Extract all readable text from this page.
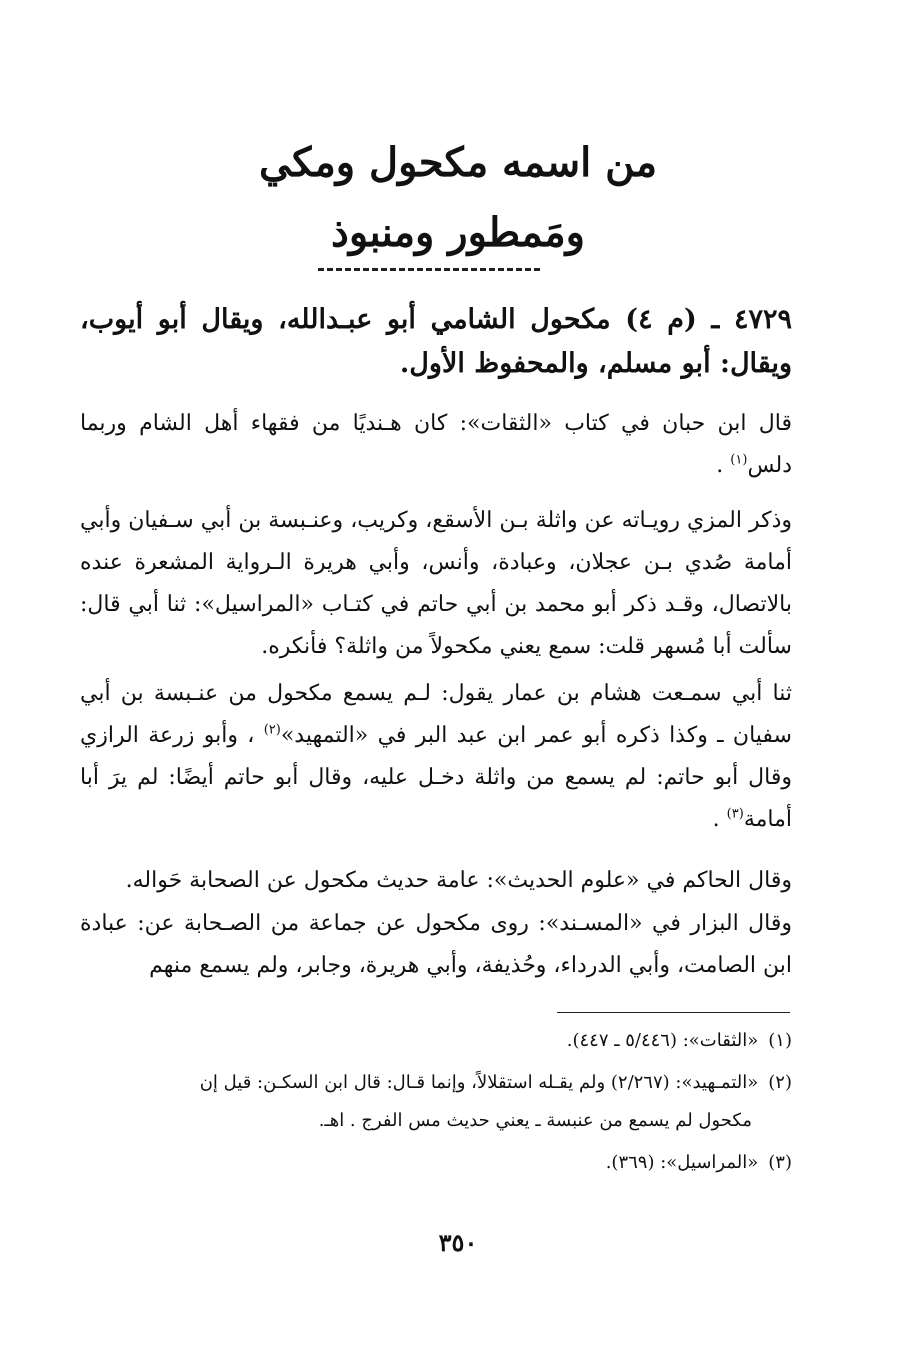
من اسمه مكحول ومكي
ومَمطور ومنبوذ
٤٧٢٩ ـ (م ٤) مكحول الشامي أبو عبـدالله، ويقال أبو أيوب، ويقال: أبو مسلم، والمحفوظ الأول.

قال ابن حبان في كتاب «الثقات»: كان هـنديًا من فقهاء أهل الشام وربما دلس$^{(١)}$ .

وذكر المزي رويـاته عن واثلة بـن الأسقع، وكريب، وعنـبسة بن أبي سـفيان وأبي أمامة صُدي بـن عجلان، وعبادة، وأنس، وأبي هريرة الـرواية المشعرة عنده بالاتصال، وقـد ذكر أبو محمد بن أبي حاتم في كتـاب «المراسيل»: ثنا أبي قال: سألت أبا مُسهر قلت: سمع يعني مكحولاً من واثلة؟ فأنكره.

ثنا أبي سمـعت هشام بن عمار يقول: لـم يسمع مكحول من عنـبسة بن أبي سفيان ـ وكذا ذكره أبو عمر ابن عبد البر في «التمهيد»$^{(٢)}$ ، وأبو زرعة الرازي وقال أبو حاتم: لم يسمع من واثلة دخـل عليه، وقال أبو حاتم أيضًا: لم يرَ أبا أمامة$^{(٣)}$ .

وقال الحاكم في «علوم الحديث»: عامة حديث مكحول عن الصحابة حَواله.

وقال البزار في «المسـند»: روى مكحول عن جماعة من الصـحابة عن: عبادة ابن الصامت، وأبي الدرداء، وحُذيفة، وأبي هريرة، وجابر، ولم يسمع منهم

(١)«الثقات»: (٥/٤٤٦ ـ ٤٤٧).

(٢)«التمـهيد»: (٢/٢٦٧) ولم يقـله استقلالاً، وإنما قـال: قال ابن السكـن: قيل إن
مكحول لم يسمع من عنبسة ـ يعني حديث مس الفرج . اهـ.

(٣)«المراسيل»: (٣٦٩).

٣٥٠
